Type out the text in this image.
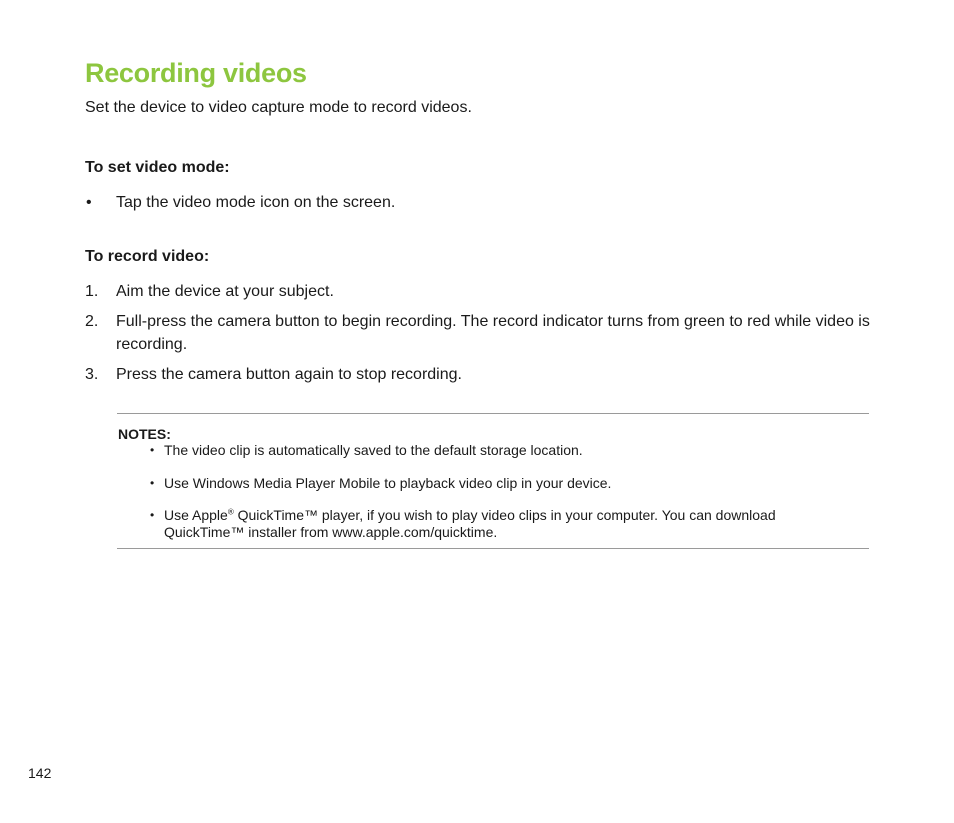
Recording videos

Set the device to video capture mode to record videos.

To set video mode:

•	Tap the video mode icon on the screen.

To record video:

1.	Aim the device at your subject.
2.	Full-press the camera button to begin recording. The record indicator turns from green to red while video is recording.
3.	Press the camera button again to stop recording.

NOTES:

• The video clip is automatically saved to the default storage location.
• Use Windows Media Player Mobile to playback video clip in your device.
• Use Apple® QuickTime™ player, if you wish to play video clips in your computer. You can download QuickTime™ installer from www.apple.com/quicktime.

142
